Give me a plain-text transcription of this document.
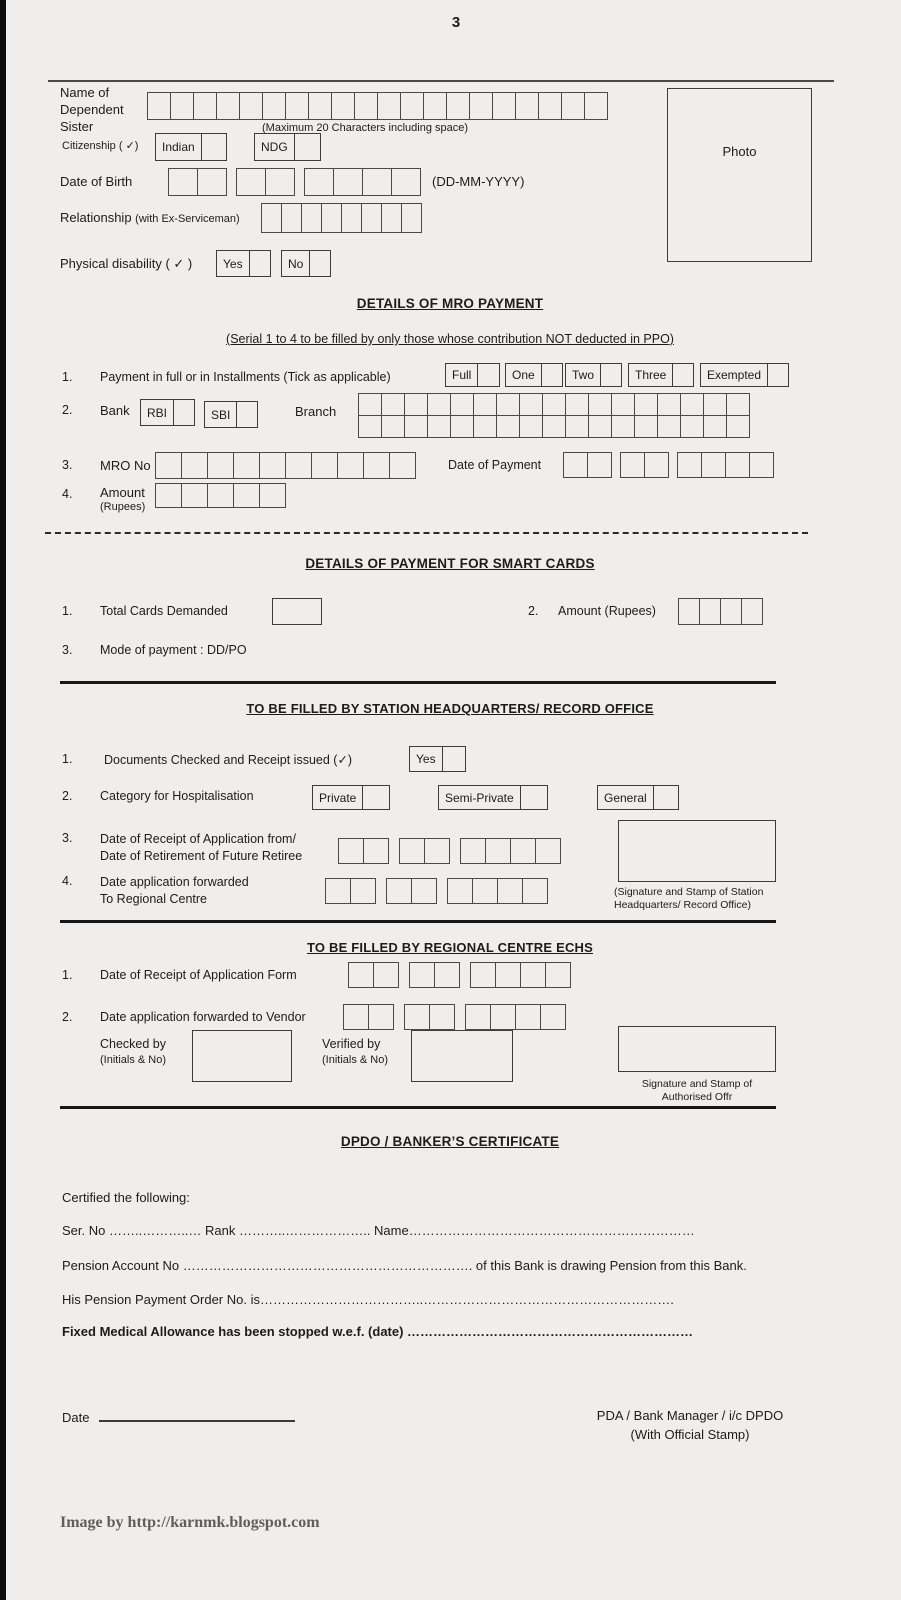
3
Name of
Dependent
Sister	(Maximum 20 Characters including space)
Citizenship ( ✓)	Indian	NDG
Date of Birth	(DD-MM-YYYY)
Relationship (with Ex-Serviceman)
Physical disability ( ✓ )	Yes	No
Photo
DETAILS OF MRO PAYMENT
(Serial 1 to 4 to be filled by only those whose contribution NOT deducted in PPO)
1. Payment in full or in Installments (Tick as applicable)	Full	One	Two	Three	Exempted
2. Bank	RBI	SBI	Branch
3. MRO No	Date of Payment
4. Amount
(Rupees)
DETAILS OF PAYMENT FOR SMART CARDS
1. Total Cards Demanded	2. Amount (Rupees)
3. Mode of payment : DD/PO
TO BE FILLED BY STATION HEADQUARTERS/ RECORD OFFICE
1.	Documents Checked and Receipt issued (✓)	Yes
2. Category for Hospitalisation	Private	Semi-Private	General
3. Date of Receipt of Application from/
Date of Retirement of Future Retiree
4. Date application forwarded
To Regional Centre	(Signature and Stamp of Station
Headquarters/ Record Office)
TO BE FILLED BY REGIONAL CENTRE ECHS
1. Date of Receipt of Application Form
2. Date application forwarded to Vendor
Checked by
(Initials & No)
Verified by
(Initials & No)
Signature and Stamp of
Authorised Offr
DPDO / BANKER’S CERTIFICATE
Certified the following:
Ser. No ……..………..… Rank ………..……………….. Name…………………………………………………………
Pension Account No …………………………………………………………. of this Bank is drawing Pension from this Bank.
His Pension Payment Order No. is………………………………..………………………………………………….
Fixed Medical Allowance has been stopped w.e.f. (date) …………………………………………………………
Date	PDA / Bank Manager / i/c DPDO
(With Official Stamp)
Image by http://karnmk.blogspot.com
